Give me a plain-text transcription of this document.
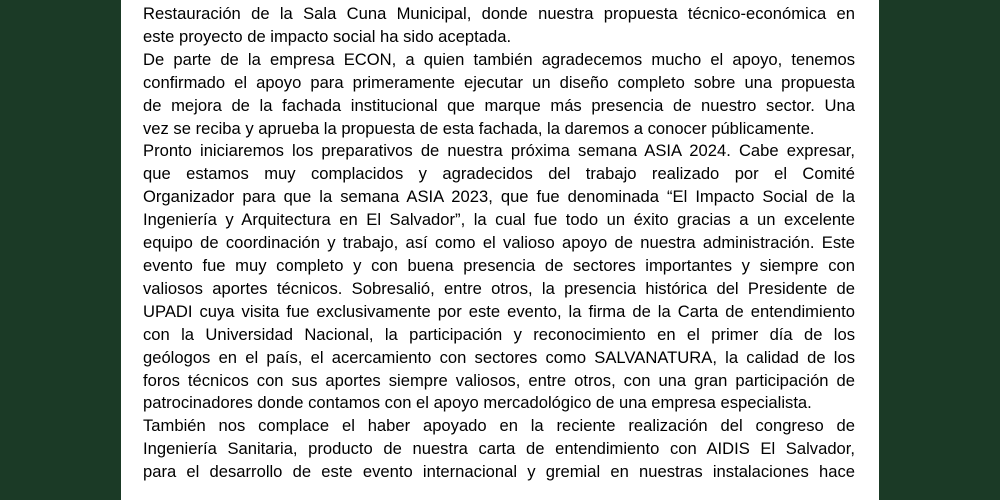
Restauración de la Sala Cuna Municipal, donde nuestra propuesta técnico-económica en
este proyecto de impacto social ha sido aceptada.
De parte de la empresa ECON, a quien también agradecemos mucho el apoyo, tenemos
confirmado el apoyo para primeramente ejecutar un diseño completo sobre una propuesta
de mejora de la fachada institucional que marque más presencia de nuestro sector. Una
vez se reciba y aprueba la propuesta de esta fachada, la daremos a conocer públicamente.
Pronto iniciaremos los preparativos de nuestra próxima semana ASIA 2024. Cabe expresar,
que estamos muy complacidos y agradecidos del trabajo realizado por el Comité
Organizador para que la semana ASIA 2023, que fue denominada “El Impacto Social de la
Ingeniería y Arquitectura en El Salvador”, la cual fue todo un éxito gracias a un excelente
equipo de coordinación y trabajo, así como el valioso apoyo de nuestra administración. Este
evento fue muy completo y con buena presencia de sectores importantes y siempre con
valiosos aportes técnicos. Sobresalió, entre otros, la presencia histórica del Presidente de
UPADI cuya visita fue exclusivamente por este evento, la firma de la Carta de entendimiento
con la Universidad Nacional, la participación y reconocimiento en el primer día de los
geólogos en el país, el acercamiento con sectores como SALVANATURA, la calidad de los
foros técnicos con sus aportes siempre valiosos, entre otros, con una gran participación de
patrocinadores donde contamos con el apoyo mercadológico de una empresa especialista.
También nos complace el haber apoyado en la reciente realización del congreso de
Ingeniería Sanitaria, producto de nuestra carta de entendimiento con AIDIS El Salvador,
para el desarrollo de este evento internacional y gremial en nuestras instalaciones hace
